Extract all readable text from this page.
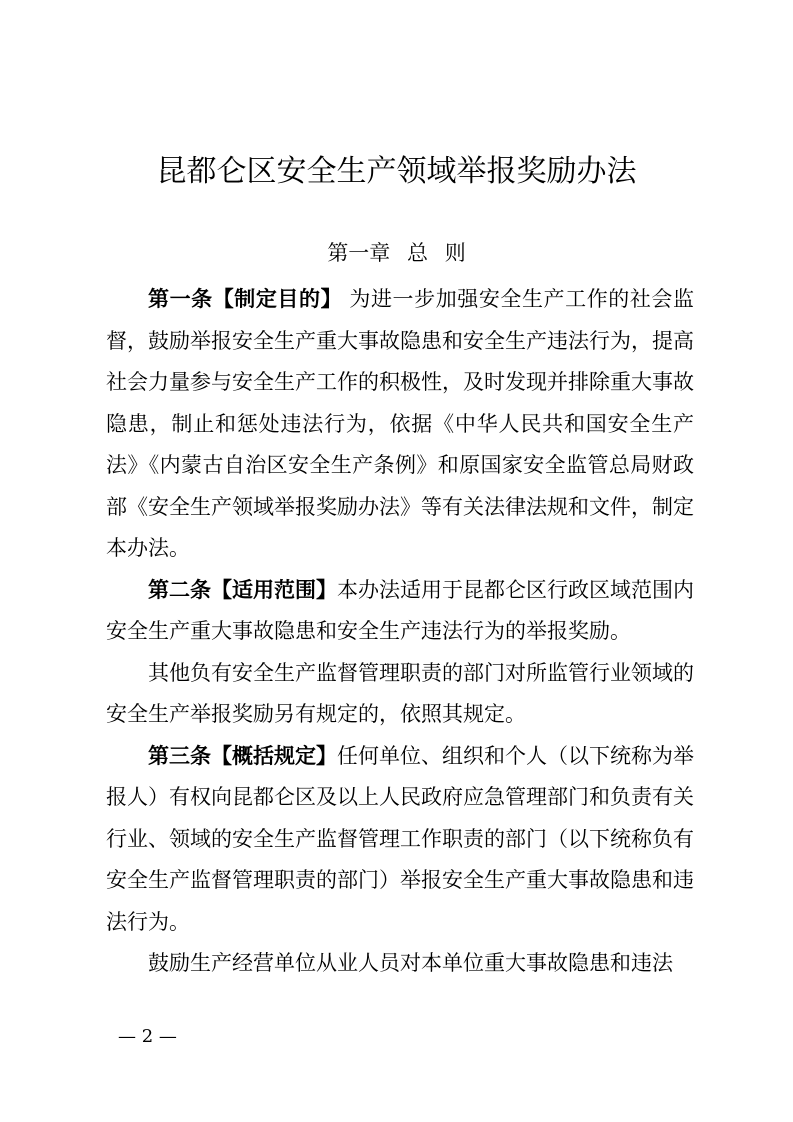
昆都仑区安全生产领域举报奖励办法
第一章 总 则

第一条【制定目的】 为进一步加强安全生产工作的社会监督，鼓励举报安全生产重大事故隐患和安全生产违法行为，提高社会力量参与安全生产工作的积极性，及时发现并排除重大事故隐患，制止和惩处违法行为，依据《中华人民共和国安全生产法》《内蒙古自治区安全生产条例》和原国家安全监管总局财政部《安全生产领域举报奖励办法》等有关法律法规和文件，制定本办法。

第二条【适用范围】本办法适用于昆都仑区行政区域范围内安全生产重大事故隐患和安全生产违法行为的举报奖励。

其他负有安全生产监督管理职责的部门对所监管行业领域的安全生产举报奖励另有规定的，依照其规定。

第三条【概括规定】任何单位、组织和个人（以下统称为举报人）有权向昆都仑区及以上人民政府应急管理部门和负责有关行业、领域的安全生产监督管理工作职责的部门（以下统称负有安全生产监督管理职责的部门）举报安全生产重大事故隐患和违法行为。

鼓励生产经营单位从业人员对本单位重大事故隐患和违法

— 2 —
